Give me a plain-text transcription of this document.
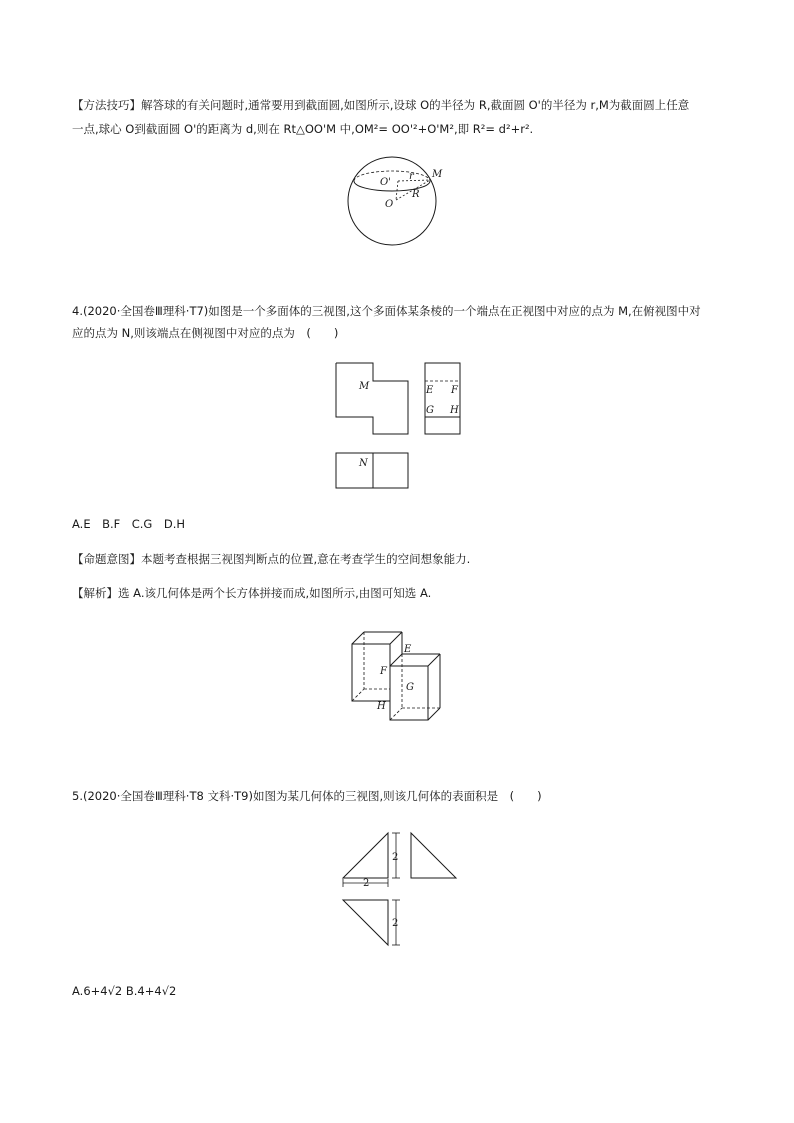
【方法技巧】解答球的有关问题时,通常要用到截面圆,如图所示,设球 O的半径为 R,截面圆 O'的半径为 r,M为截面圆上任意
一点,球心 O到截面圆 O'的距离为 d,则在 Rt△OO'M 中,OM²= OO'²+O'M²,即 R²= d²+r².
O'
r M
R
O
4.(2020·全国卷Ⅲ理科·T7)如图是一个多面体的三视图,这个多面体某条棱的一个端点在正视图中对应的点为 M,在俯视图中对
应的点为 N,则该端点在侧视图中对应的点为　(　　)
M	E F
G H
N
A.E　B.F　C.G　D.H
【命题意图】本题考查根据三视图判断点的位置,意在考查学生的空间想象能力.
【解析】选 A.该几何体是两个长方体拼接而成,如图所示,由图可知选 A.
E
F
G
H
5.(2020·全国卷Ⅲ理科·T8 文科·T9)如图为某几何体的三视图,则该几何体的表面积是　(　　)
2
2
2
A.6+4√2 B.4+4√2
